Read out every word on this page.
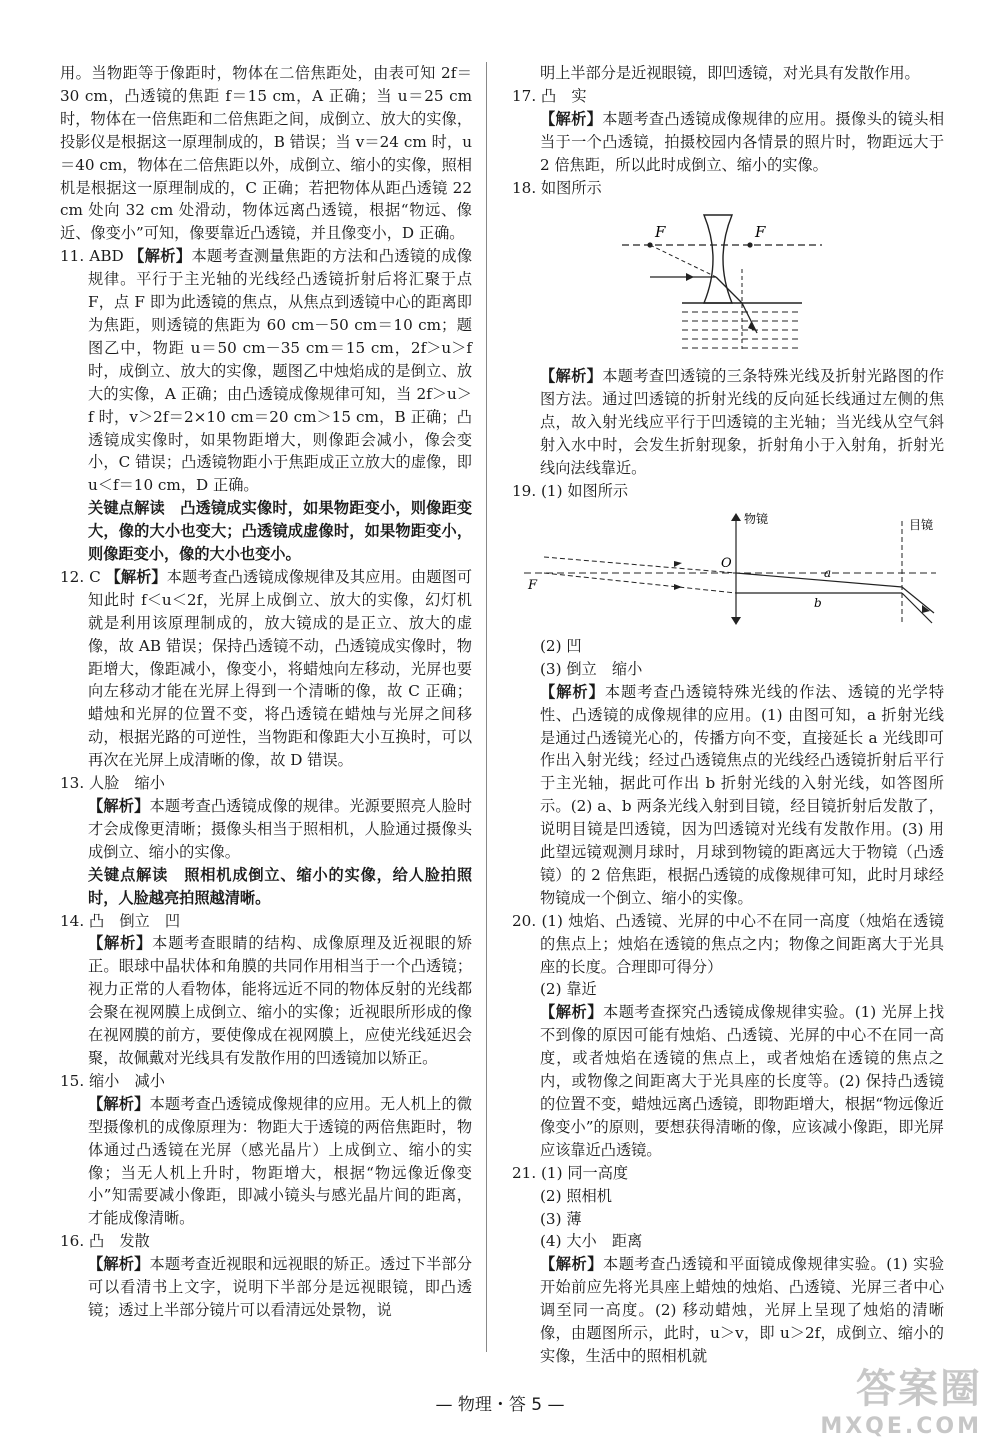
用。当物距等于像距时，物体在二倍焦距处，由表可知 2f＝30 cm，凸透镜的焦距 f＝15 cm，A 正确；当 u＝25 cm 时，物体在一倍焦距和二倍焦距之间，成倒立、放大的实像，投影仪是根据这一原理制成的，B 错误；当 v＝24 cm 时，u＝40 cm，物体在二倍焦距以外，成倒立、缩小的实像，照相机是根据这一原理制成的，C 正确；若把物体从距凸透镜 22 cm 处向 32 cm 处滑动，物体远离凸透镜，根据“物远、像近、像变小”可知，像要靠近凸透镜，并且像变小，D 正确。

11. ABD 【解析】本题考查测量焦距的方法和凸透镜的成像规律。平行于主光轴的光线经凸透镜折射后将汇聚于点 F，点 F 即为此透镜的焦点，从焦点到透镜中心的距离即为焦距，则透镜的焦距为 60 cm－50 cm＝10 cm；题图乙中，物距 u＝50 cm－35 cm＝15 cm，2f＞u＞f 时，成倒立、放大的实像，题图乙中烛焰成的是倒立、放大的实像，A 正确；由凸透镜成像规律可知，当 2f＞u＞f 时，v＞2f＝2×10 cm＝20 cm＞15 cm，B 正确；凸透镜成实像时，如果物距增大，则像距会减小，像会变小，C 错误；凸透镜物距小于焦距成正立放大的虚像，即 u＜f＝10 cm，D 正确。

关键点解读　凸透镜成实像时，如果物距变小，则像距变大，像的大小也变大；凸透镜成虚像时，如果物距变小，则像距变小，像的大小也变小。

12. C 【解析】本题考查凸透镜成像规律及其应用。由题图可知此时 f＜u＜2f，光屏上成倒立、放大的实像，幻灯机就是利用该原理制成的，放大镜成的是正立、放大的虚像，故 AB 错误；保持凸透镜不动，凸透镜成实像时，物距增大，像距减小，像变小，将蜡烛向左移动，光屏也要向左移动才能在光屏上得到一个清晰的像，故 C 正确；蜡烛和光屏的位置不变，将凸透镜在蜡烛与光屏之间移动，根据光路的可逆性，当物距和像距大小互换时，可以再次在光屏上成清晰的像，故 D 错误。

13. 人脸　缩小

【解析】本题考查凸透镜成像的规律。光源要照亮人脸时才会成像更清晰；摄像头相当于照相机，人脸通过摄像头成倒立、缩小的实像。

关键点解读　照相机成倒立、缩小的实像，给人脸拍照时，人脸越亮拍照越清晰。

14. 凸　倒立　凹

【解析】本题考查眼睛的结构、成像原理及近视眼的矫正。眼球中晶状体和角膜的共同作用相当于一个凸透镜；视力正常的人看物体，能将远近不同的物体反射的光线都会聚在视网膜上成倒立、缩小的实像；近视眼所形成的像在视网膜的前方，要使像成在视网膜上，应使光线延迟会聚，故佩戴对光线具有发散作用的凹透镜加以矫正。

15. 缩小　减小

【解析】本题考查凸透镜成像规律的应用。无人机上的微型摄像机的成像原理为：物距大于透镜的两倍焦距时，物体通过凸透镜在光屏（感光晶片）上成倒立、缩小的实像；当无人机上升时，物距增大，根据“物远像近像变小”知需要减小像距，即减小镜头与感光晶片间的距离，才能成像清晰。

16. 凸　发散

【解析】本题考查近视眼和远视眼的矫正。透过下半部分可以看清书上文字，说明下半部分是远视眼镜，即凸透镜；透过上半部分镜片可以看清远处景物，说

明上半部分是近视眼镜，即凹透镜，对光具有发散作用。

17. 凸　实

【解析】本题考查凸透镜成像规律的应用。摄像头的镜头相当于一个凸透镜，拍摄校园内各情景的照片时，物距远大于 2 倍焦距，所以此时成倒立、缩小的实像。

18. 如图所示

F	F

【解析】本题考查凹透镜的三条特殊光线及折射光路图的作图方法。通过凹透镜的折射光线的反向延长线通过左侧的焦点，故入射光线应平行于凹透镜的主光轴；当光线从空气斜射入水中时，会发生折射现象，折射角小于入射角，折射光线向法线靠近。

19. (1) 如图所示

物镜	目镜
O
F
a
b

(2) 凹

(3) 倒立　缩小

【解析】本题考查凸透镜特殊光线的作法、透镜的光学特性、凸透镜的成像规律的应用。(1) 由图可知，a 折射光线是通过凸透镜光心的，传播方向不变，直接延长 a 光线即可作出入射光线；经过凸透镜焦点的光线经凸透镜折射后平行于主光轴，据此可作出 b 折射光线的入射光线，如答图所示。(2) a、b 两条光线入射到目镜，经目镜折射后发散了，说明目镜是凹透镜，因为凹透镜对光线有发散作用。(3) 用此望远镜观测月球时，月球到物镜的距离远大于物镜（凸透镜）的 2 倍焦距，根据凸透镜的成像规律可知，此时月球经物镜成一个倒立、缩小的实像。

20. (1) 烛焰、凸透镜、光屏的中心不在同一高度（烛焰在透镜的焦点上；烛焰在透镜的焦点之内；物像之间距离大于光具座的长度。合理即可得分）

(2) 靠近

【解析】本题考查探究凸透镜成像规律实验。(1) 光屏上找不到像的原因可能有烛焰、凸透镜、光屏的中心不在同一高度，或者烛焰在透镜的焦点上，或者烛焰在透镜的焦点之内，或物像之间距离大于光具座的长度等。(2) 保持凸透镜的位置不变，蜡烛远离凸透镜，即物距增大，根据“物远像近像变小”的原则，要想获得清晰的像，应该减小像距，即光屏应该靠近凸透镜。

21. (1) 同一高度

(2) 照相机

(3) 薄

(4) 大小　距离

【解析】本题考查凸透镜和平面镜成像规律实验。(1) 实验开始前应先将光具座上蜡烛的烛焰、凸透镜、光屏三者中心调至同一高度。(2) 移动蜡烛，光屏上呈现了烛焰的清晰像，由题图所示，此时，u＞v，即 u＞2f，成倒立、缩小的实像，生活中的照相机就

— 物理・答 5 —	答案圈
MXQE.COM
